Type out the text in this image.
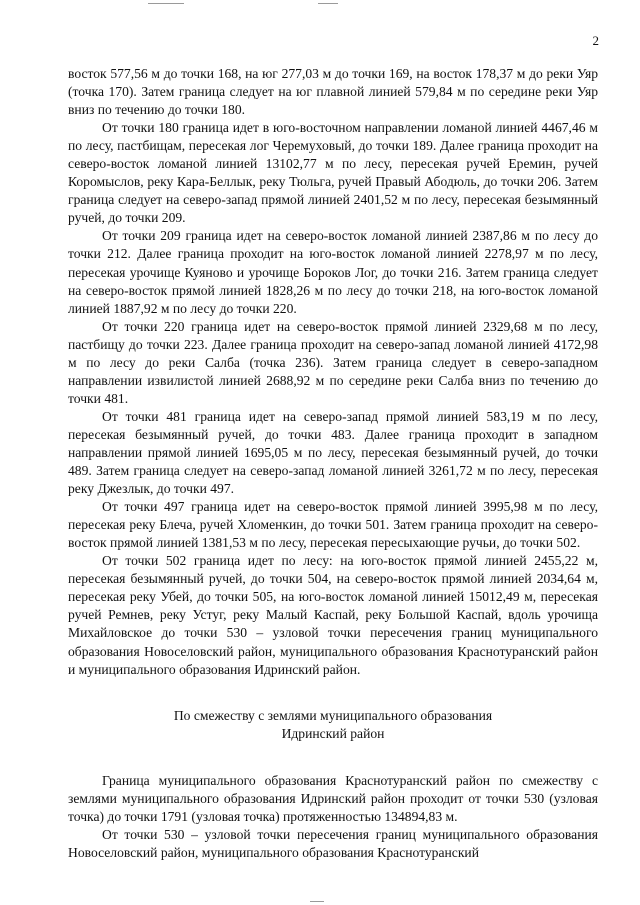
2

восток 577,56 м до точки 168, на юг 277,03 м до точки 169, на восток 178,37 м до реки Уяр (точка 170). Затем граница следует на юг плавной линией 579,84 м по середине реки Уяр вниз по течению до точки 180.

От точки 180 граница идет в юго-восточном направлении ломаной линией 4467,46 м по лесу, пастбищам, пересекая лог Черемуховый, до точки 189. Далее граница проходит на северо-восток ломаной линией 13102,77 м по лесу, пересекая ручей Еремин, ручей Коромыслов, реку Кара-Беллык, реку Тюльга, ручей Правый Абодюль, до точки 206. Затем граница следует на северо-запад прямой линией 2401,52 м по лесу, пересекая безымянный ручей, до точки 209.

От точки 209 граница идет на северо-восток ломаной линией 2387,86 м по лесу до точки 212. Далее граница проходит на юго-восток ломаной линией 2278,97 м по лесу, пересекая урочище Куяново и урочище Бороков Лог, до точки 216. Затем граница следует на северо-восток прямой линией 1828,26 м по лесу до точки 218, на юго-восток ломаной линией 1887,92 м по лесу до точки 220.

От точки 220 граница идет на северо-восток прямой линией 2329,68 м по лесу, пастбищу до точки 223. Далее граница проходит на северо-запад ломаной линией 4172,98 м по лесу до реки Салба (точка 236). Затем граница следует в северо-западном направлении извилистой линией 2688,92 м по середине реки Салба вниз по течению до точки 481.

От точки 481 граница идет на северо-запад прямой линией 583,19 м по лесу, пересекая безымянный ручей, до точки 483. Далее граница проходит в западном направлении прямой линией 1695,05 м по лесу, пересекая безымянный ручей, до точки 489. Затем граница следует на северо-запад ломаной линией 3261,72 м по лесу, пересекая реку Джезлык, до точки 497.

От точки 497 граница идет на северо-восток прямой линией 3995,98 м по лесу, пересекая реку Блеча, ручей Хломенкин, до точки 501. Затем граница проходит на северо-восток прямой линией 1381,53 м по лесу, пересекая пересыхающие ручьи, до точки 502.

От точки 502 граница идет по лесу: на юго-восток прямой линией 2455,22 м, пересекая безымянный ручей, до точки 504, на северо-восток прямой линией 2034,64 м, пересекая реку Убей, до точки 505, на юго-восток ломаной линией 15012,49 м, пересекая ручей Ремнев, реку Устуг, реку Малый Каспай, реку Большой Каспай, вдоль урочища Михайловское до точки 530 – узловой точки пересечения границ муниципального образования Новоселовский район, муниципального образования Краснотуранский район и муниципального образования Идринский район.

По смежеству с землями муниципального образования
Идринский район

Граница муниципального образования Краснотуранский район по смежеству с землями муниципального образования Идринский район проходит от точки 530 (узловая точка) до точки 1791 (узловая точка) протяженностью 134894,83 м.

От точки 530 – узловой точки пересечения границ муниципального образования Новоселовский район, муниципального образования Краснотуранский
